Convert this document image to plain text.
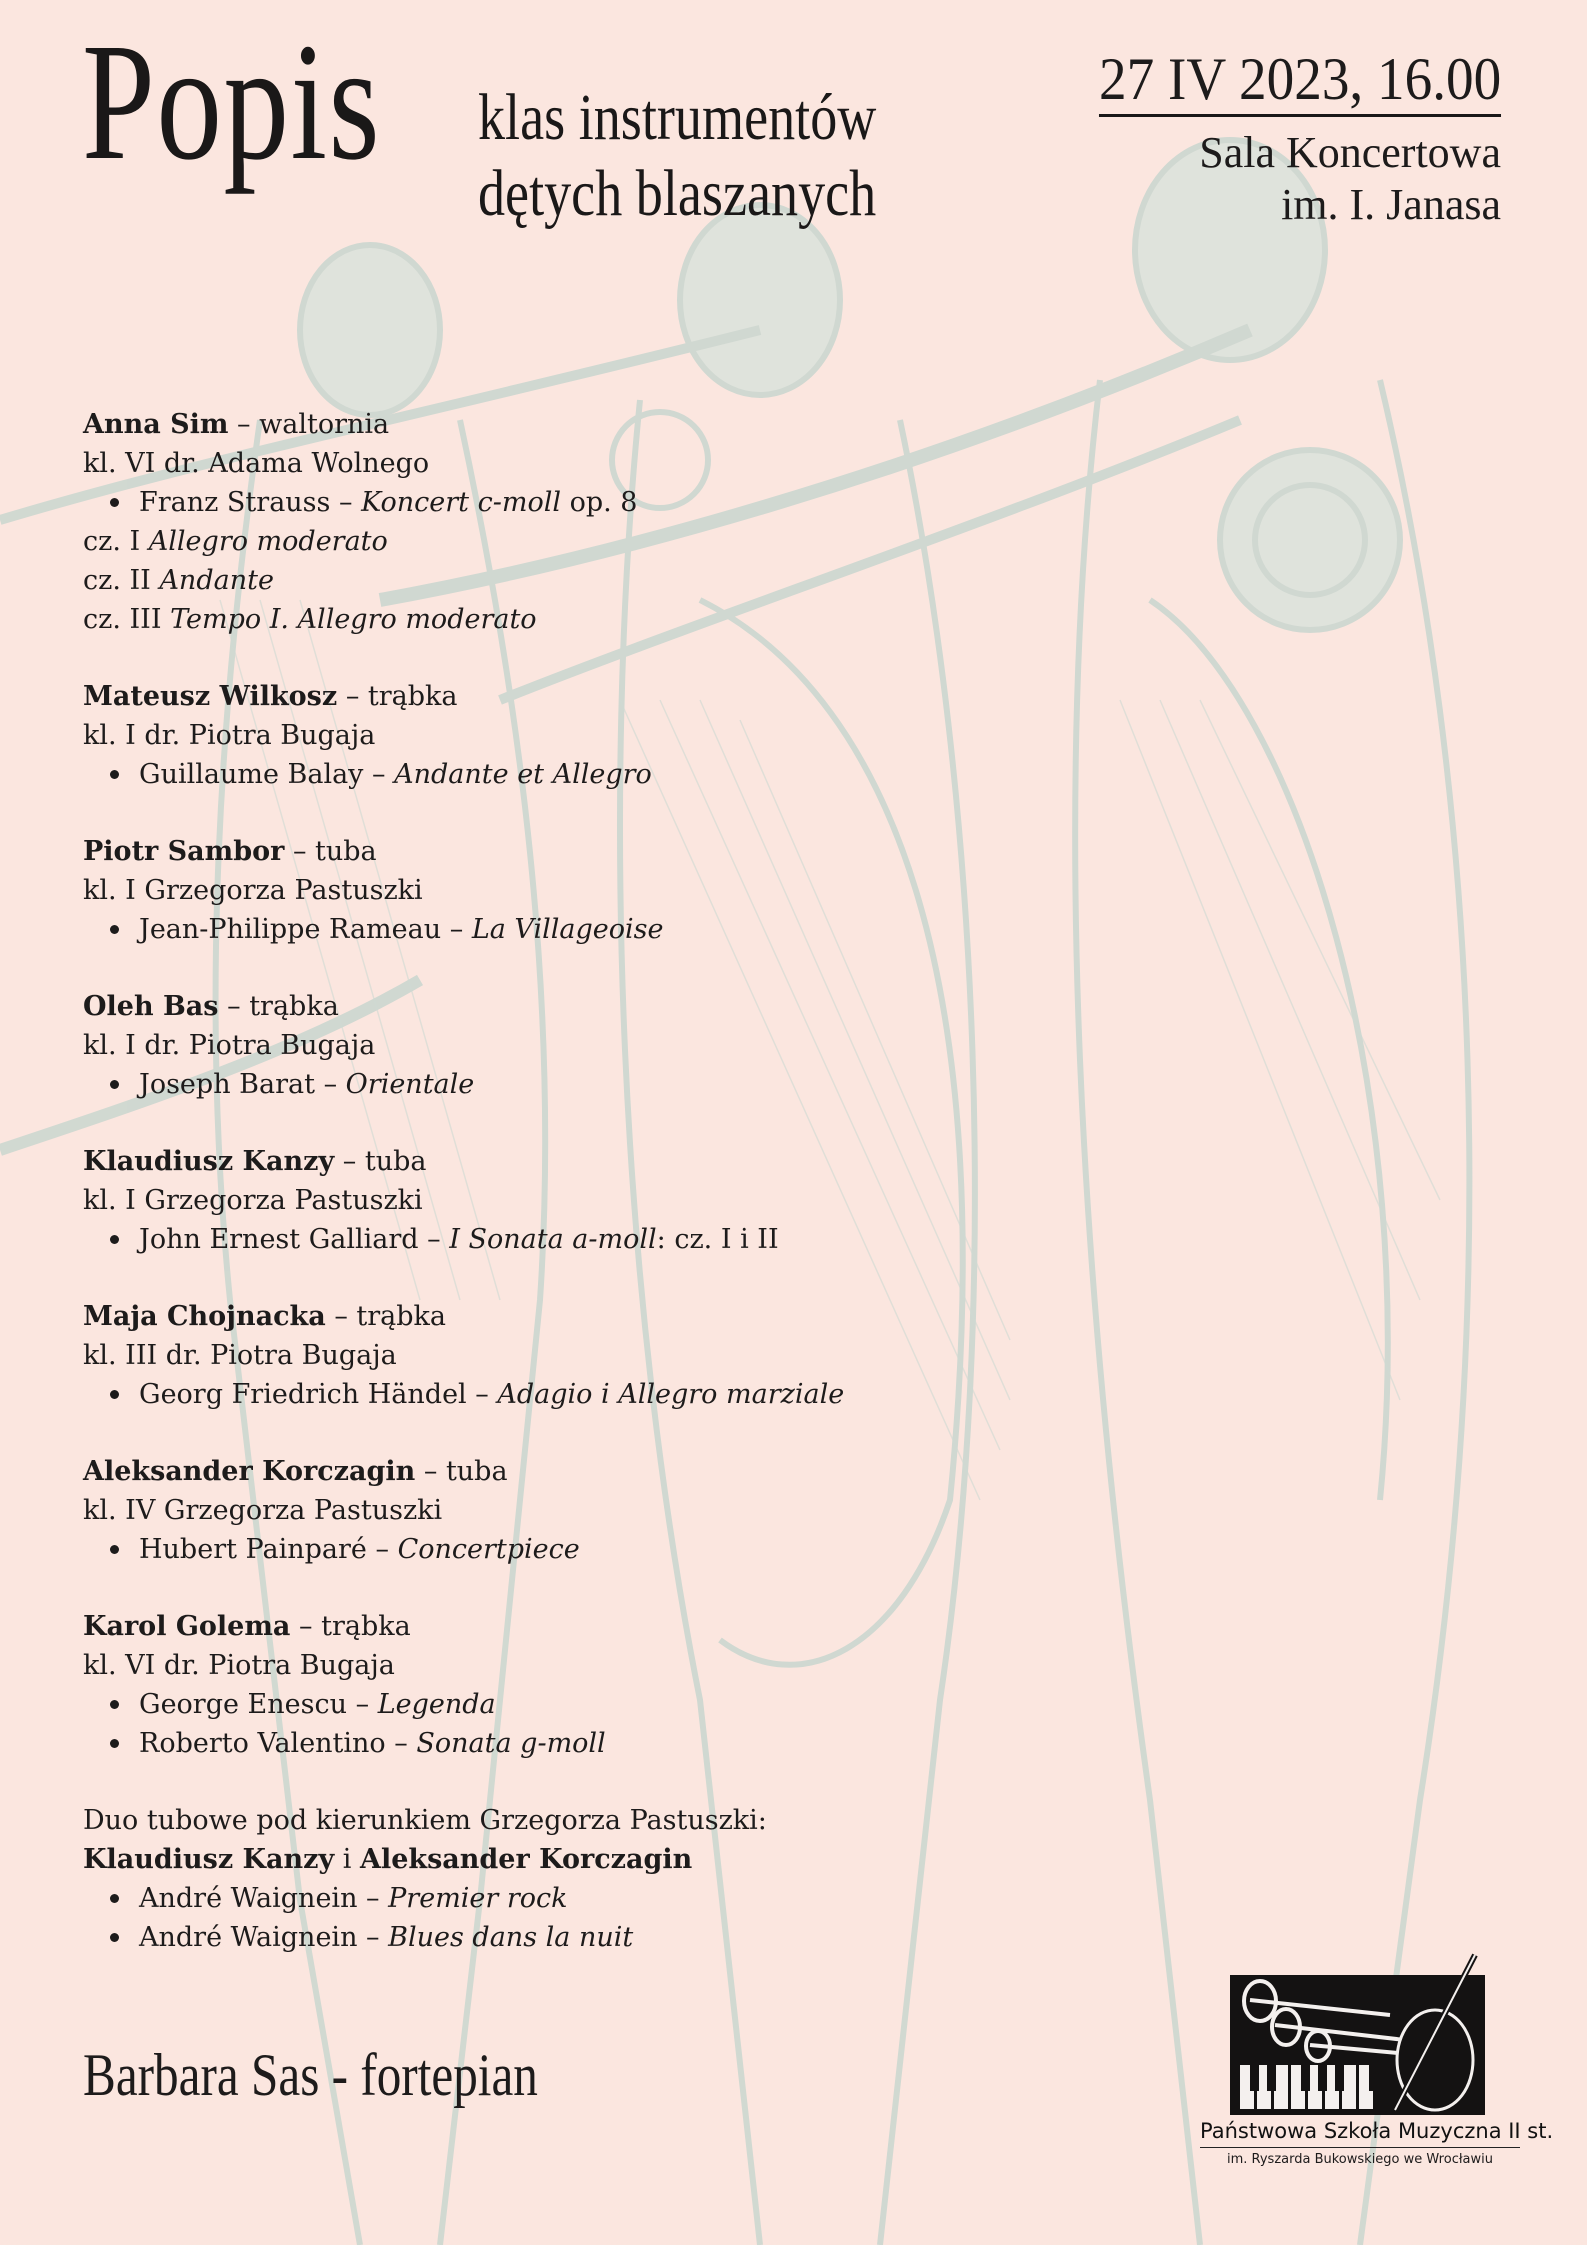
Popis klas instrumentów
dętych blaszanych
27 IV 2023, 16.00
Sala Koncertowa
im. I. Janasa
Anna Sim – waltornia
kl. VI dr. Adama Wolnego
Franz Strauss – Koncert c-moll op. 8
cz. I Allegro moderato
cz. II Andante
cz. III Tempo I. Allegro moderato
Mateusz Wilkosz – trąbka
kl. I dr. Piotra Bugaja
Guillaume Balay – Andante et Allegro
Piotr Sambor – tuba
kl. I Grzegorza Pastuszki
Jean-Philippe Rameau – La Villageoise
Oleh Bas – trąbka
kl. I dr. Piotra Bugaja
Joseph Barat – Orientale
Klaudiusz Kanzy – tuba
kl. I Grzegorza Pastuszki
John Ernest Galliard – I Sonata a-moll: cz. I i II
Maja Chojnacka – trąbka
kl. III dr. Piotra Bugaja
Georg Friedrich Händel – Adagio i Allegro marziale
Aleksander Korczagin – tuba
kl. IV Grzegorza Pastuszki
Hubert Painparé – Concertpiece
Karol Golema – trąbka
kl. VI dr. Piotra Bugaja
George Enescu – Legenda
Roberto Valentino – Sonata g-moll
Duo tubowe pod kierunkiem Grzegorza Pastuszki:
Klaudiusz Kanzy i Aleksander Korczagin
André Waignein – Premier rock
André Waignein – Blues dans la nuit
Barbara Sas - fortepian
Państwowa Szkoła Muzyczna II st.
im. Ryszarda Bukowskiego we Wrocławiu
